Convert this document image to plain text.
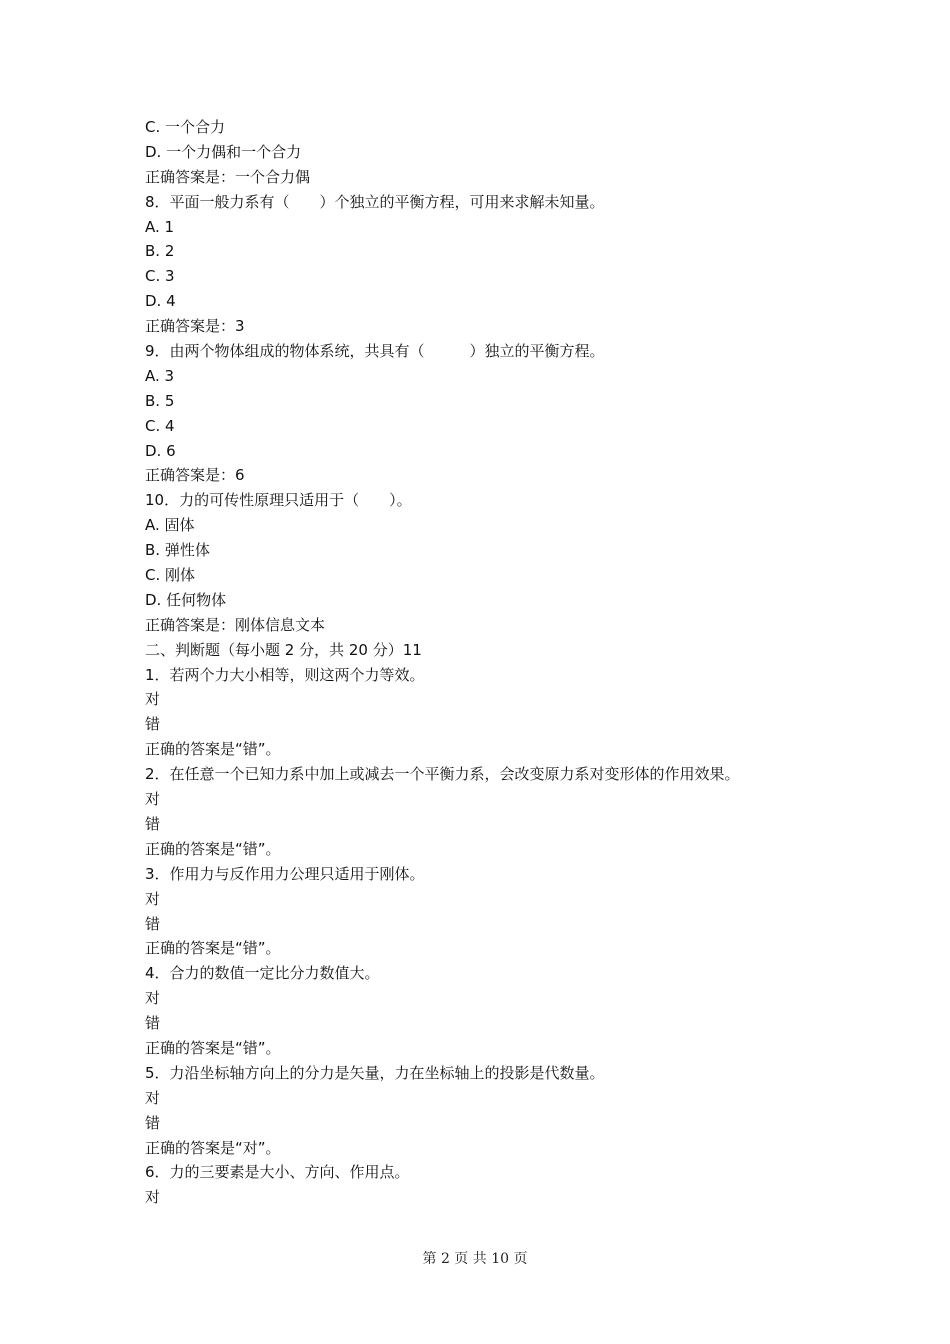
C. 一个合力
D. 一个力偶和一个合力
正确答案是：一个合力偶
8．平面一般力系有（　　）个独立的平衡方程，可用来求解未知量。
A. 1
B. 2
C. 3
D. 4
正确答案是：3
9．由两个物体组成的物体系统，共具有（　　　）独立的平衡方程。
A. 3
B. 5
C. 4
D. 6
正确答案是：6
10．力的可传性原理只适用于（　　）。
A. 固体
B. 弹性体
C. 刚体
D. 任何物体
正确答案是：刚体信息文本
二、判断题（每小题 2 分，共 20 分）11
1．若两个力大小相等，则这两个力等效。
对
错
正确的答案是“错”。
2．在任意一个已知力系中加上或减去一个平衡力系，会改变原力系对变形体的作用效果。
对
错
正确的答案是“错”。
3．作用力与反作用力公理只适用于刚体。
对
错
正确的答案是“错”。
4．合力的数值一定比分力数值大。
对
错
正确的答案是“错”。
5．力沿坐标轴方向上的分力是矢量，力在坐标轴上的投影是代数量。
对
错
正确的答案是“对”。
6．力的三要素是大小、方向、作用点。
对
第 2 页 共 10 页
